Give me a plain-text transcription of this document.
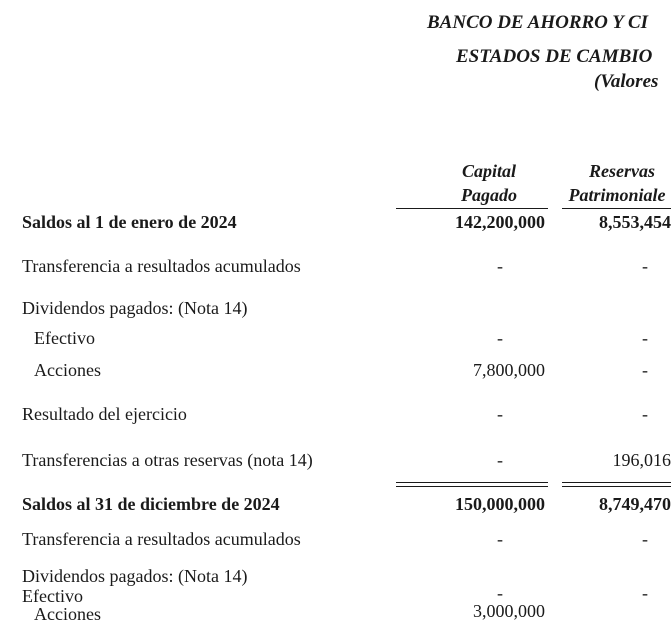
BANCO DE AHORRO Y CI
ESTADOS DE CAMBIO
(Valores
Capital
Pagado
Reservas
Patrimoniale
Saldos al 1 de enero de 2024	142,200,000	8,553,454
Transferencia a resultados acumulados	-	-
Dividendos pagados: (Nota 14)
Efectivo	-	-
Acciones	7,800,000	-
Resultado del ejercicio	-	-
Transferencias a otras reservas (nota 14)	-	196,016
Saldos al 31 de diciembre de 2024	150,000,000	8,749,470
Transferencia a resultados acumulados	-	-
Dividendos pagados: (Nota 14)
Efectivo	-	-
Acciones	3,000,000
